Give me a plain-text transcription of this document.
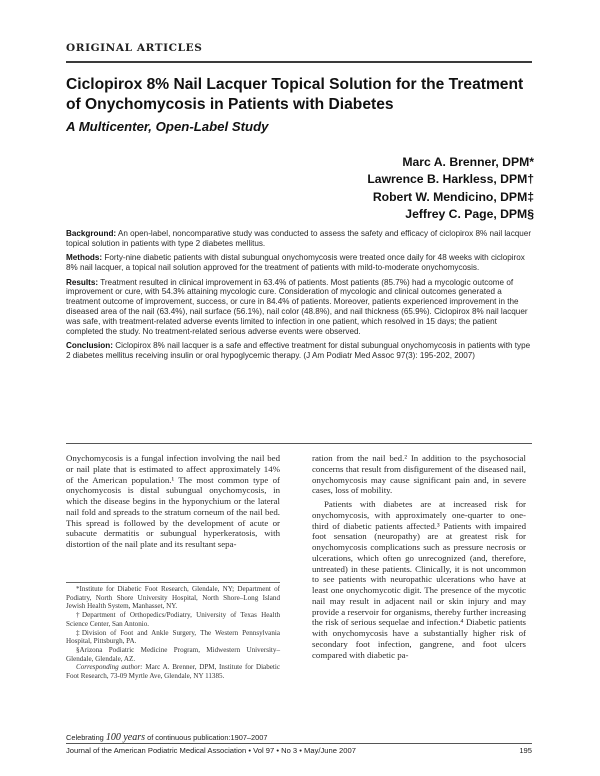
ORIGINAL ARTICLES
Ciclopirox 8% Nail Lacquer Topical Solution for the Treatment of Onychomycosis in Patients with Diabetes
A Multicenter, Open-Label Study
Marc A. Brenner, DPM*
Lawrence B. Harkless, DPM†
Robert W. Mendicino, DPM‡
Jeffrey C. Page, DPM§

Background: An open-label, noncomparative study was conducted to assess the safety and efficacy of ciclopirox 8% nail lacquer topical solution in patients with type 2 diabetes mellitus.

Methods: Forty-nine diabetic patients with distal subungual onychomycosis were treated once daily for 48 weeks with ciclopirox 8% nail lacquer, a topical nail solution approved for the treatment of patients with mild-to-moderate onychomycosis.

Results: Treatment resulted in clinical improvement in 63.4% of patients. Most patients (85.7%) had a mycologic outcome of improvement or cure, with 54.3% attaining mycologic cure. Consideration of mycologic and clinical outcomes generated a treatment outcome of improvement, success, or cure in 84.4% of patients. Moreover, patients experienced improvement in the diseased area of the nail (63.4%), nail surface (56.1%), nail color (48.8%), and nail thickness (65.9%). Ciclopirox 8% nail lacquer was safe, with treatment-related adverse events limited to infection in one patient, which resolved in 15 days; the patient completed the study. No treatment-related serious adverse events were observed.

Conclusion: Ciclopirox 8% nail lacquer is a safe and effective treatment for distal subungual onychomycosis in patients with type 2 diabetes mellitus receiving insulin or oral hypoglycemic therapy. (J Am Podiatr Med Assoc 97(3): 195-202, 2007)

Onychomycosis is a fungal infection involving the nail bed or nail plate that is estimated to affect approximately 14% of the American population.¹ The most common type of onychomycosis is distal subungual onychomycosis, in which the disease begins in the hyponychium or the lateral nail fold and spreads to the stratum corneum of the nail bed. This spread is followed by the development of acute or subacute dermatitis or subungual hyperkeratosis, with distortion of the nail plate and its resultant sepa-

*Institute for Diabetic Foot Research, Glendale, NY; Department of Podiatry, North Shore University Hospital, North Shore–Long Island Jewish Health System, Manhasset, NY.

†Department of Orthopedics/Podiatry, University of Texas Health Science Center, San Antonio.

‡Division of Foot and Ankle Surgery, The Western Pennsylvania Hospital, Pittsburgh, PA.

§Arizona Podiatric Medicine Program, Midwestern University–Glendale, Glendale, AZ.

Corresponding author: Marc A. Brenner, DPM, Institute for Diabetic Foot Research, 73-09 Myrtle Ave, Glendale, NY 11385.

ration from the nail bed.² In addition to the psychosocial concerns that result from disfigurement of the diseased nail, onychomycosis may cause significant pain and, in severe cases, loss of mobility.

Patients with diabetes are at increased risk for onychomycosis, with approximately one-quarter to one-third of diabetic patients affected.³ Patients with impaired foot sensation (neuropathy) are at greatest risk for onychomycosis complications such as pressure necrosis or ulcerations, which often go unrecognized (and, therefore, untreated) in these patients. Clinically, it is not uncommon to see patients with neuropathic ulcerations who have at least one onychomycotic digit. The presence of the mycotic nail may result in adjacent nail or skin injury and may provide a reservoir for organisms, thereby further increasing the risk of serious sequelae and infection.⁴ Diabetic patients with onychomycosis have a substantially higher risk of secondary foot infection, gangrene, and foot ulcers compared with diabetic pa-

Celebrating 100 years of continuous publication:1907–2007
Journal of the American Podiatric Medical Association • Vol 97 • No 3 • May/June 2007	195
